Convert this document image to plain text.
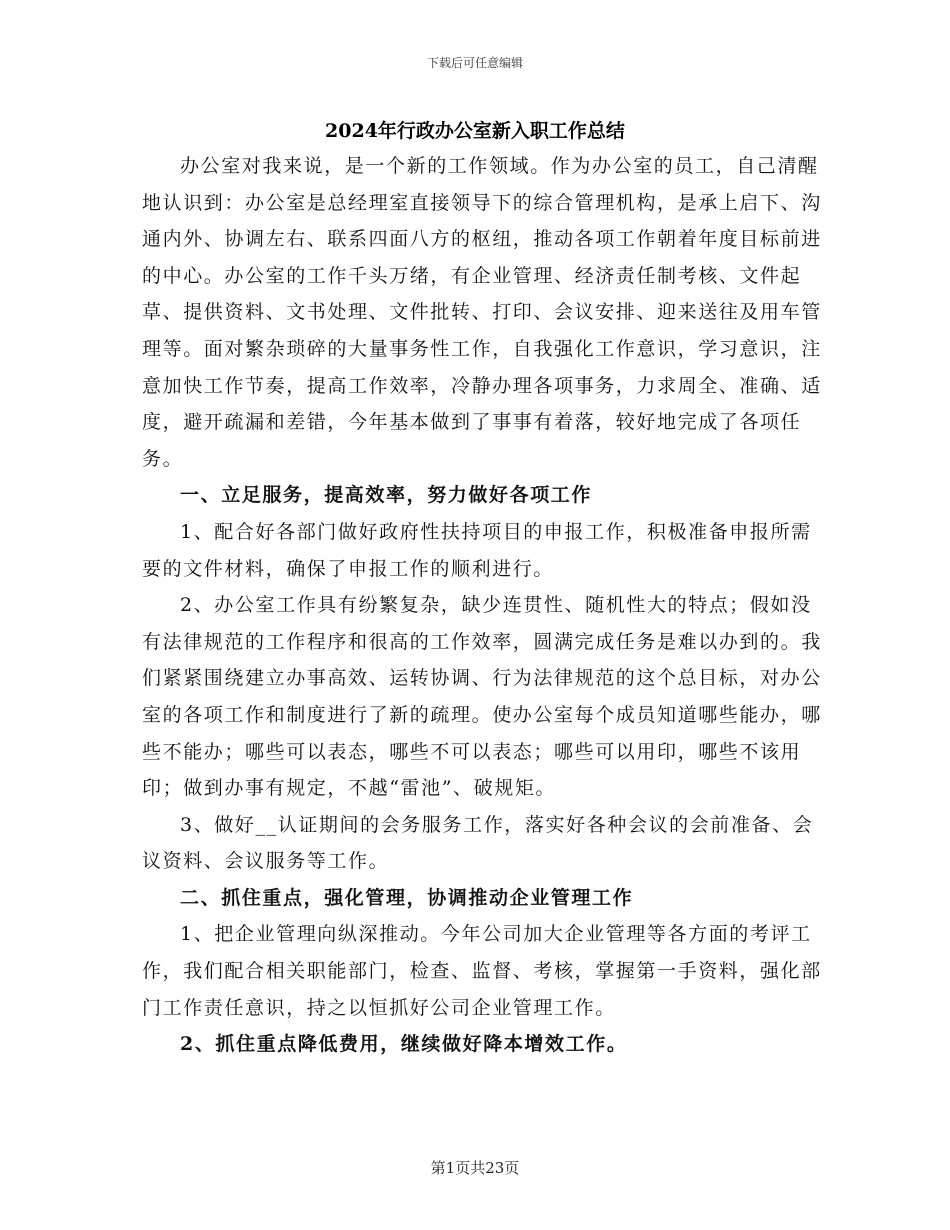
下载后可任意编辑
2024年行政办公室新入职工作总结

办公室对我来说，是一个新的工作领域。作为办公室的员工，自己清醒地认识到：办公室是总经理室直接领导下的综合管理机构，是承上启下、沟通内外、协调左右、联系四面八方的枢纽，推动各项工作朝着年度目标前进的中心。办公室的工作千头万绪，有企业管理、经济责任制考核、文件起草、提供资料、文书处理、文件批转、打印、会议安排、迎来送往及用车管理等。面对繁杂琐碎的大量事务性工作，自我强化工作意识，学习意识，注意加快工作节奏，提高工作效率，冷静办理各项事务，力求周全、准确、适度，避开疏漏和差错，今年基本做到了事事有着落，较好地完成了各项任务。

一、立足服务，提高效率，努力做好各项工作

1、配合好各部门做好政府性扶持项目的申报工作，积极准备申报所需要的文件材料，确保了申报工作的顺利进行。

2、办公室工作具有纷繁复杂，缺少连贯性、随机性大的特点；假如没有法律规范的工作程序和很高的工作效率，圆满完成任务是难以办到的。我们紧紧围绕建立办事高效、运转协调、行为法律规范的这个总目标，对办公室的各项工作和制度进行了新的疏理。使办公室每个成员知道哪些能办，哪些不能办；哪些可以表态，哪些不可以表态；哪些可以用印，哪些不该用印；做到办事有规定，不越“雷池”、破规矩。

3、做好__认证期间的会务服务工作，落实好各种会议的会前准备、会议资料、会议服务等工作。

二、抓住重点，强化管理，协调推动企业管理工作

1、把企业管理向纵深推动。今年公司加大企业管理等各方面的考评工作，我们配合相关职能部门，检查、监督、考核，掌握第一手资料，强化部门工作责任意识，持之以恒抓好公司企业管理工作。

2、抓住重点降低费用，继续做好降本增效工作。

第1页共23页
